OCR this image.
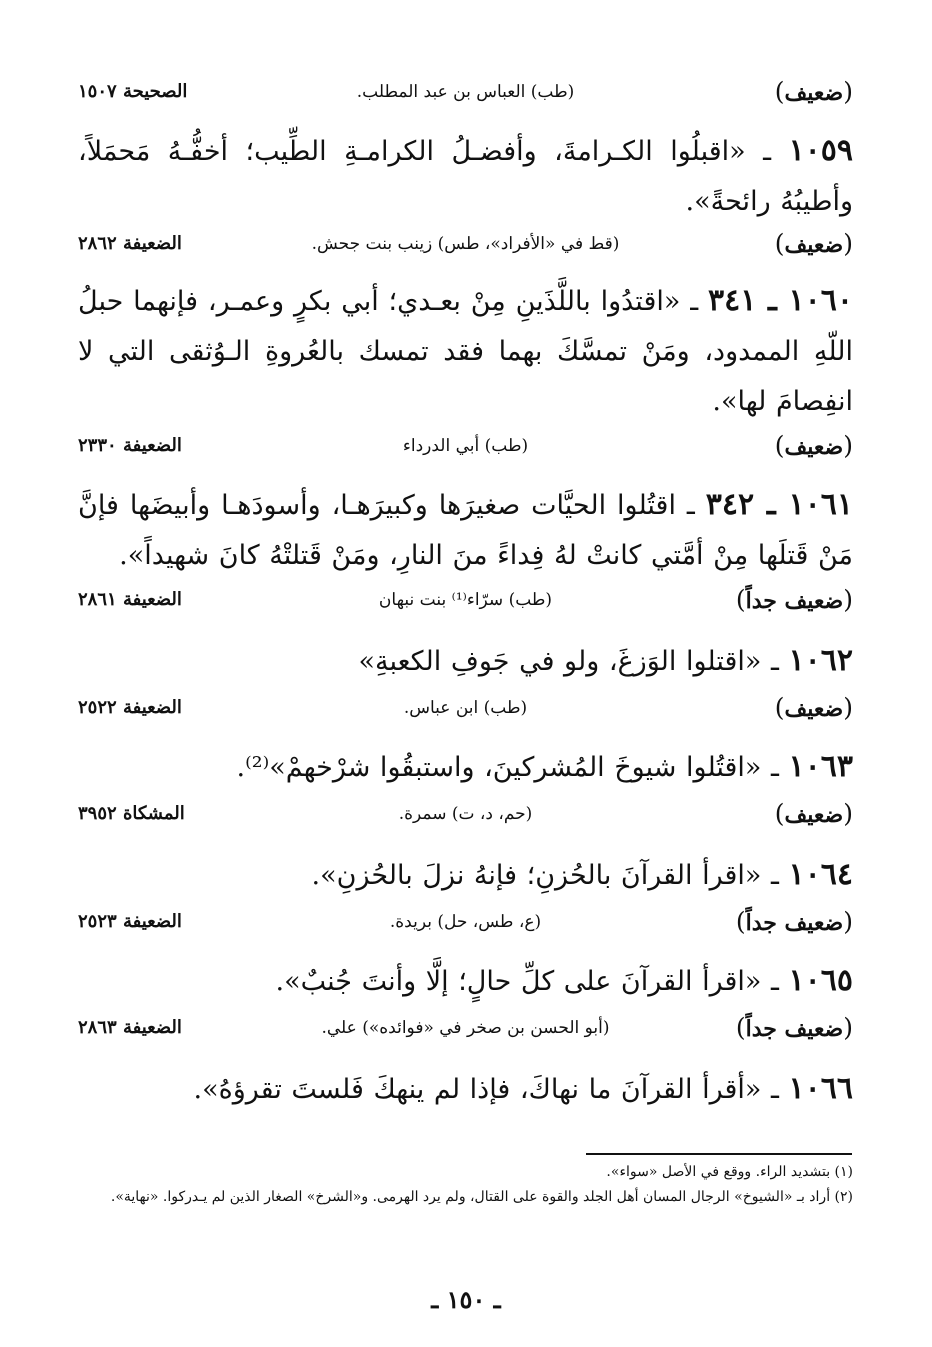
(ضعيف)
(طب) العباس بن عبد المطلب.
الصحيحة ١٥٠٧
١٠٥٩ ـ «اقبلُوا الكـرامةَ، وأفضـلُ الكرامـةِ الطِّيب؛ أخفُّـهُ مَحمَلاً، وأطيبُهُ رائحةً».
(ضعيف)
(قط في «الأفراد»، طس) زينب بنت جحش.
الضعيفة ٢٨٦٢
١٠٦٠ ـ ٣٤١ ـ «اقتدُوا باللَّذَينِ مِنْ بعـدي؛ أبي بكرٍ وعمـر، فإنهما حبلُ اللّهِ الممدود، ومَنْ تمسَّكَ بهما فقد تمسك بالعُروةِ الـوُثقى التي لا انفِصامَ لها».
(ضعيف)
(طب) أبي الدرداء
الضعيفة ٢٣٣٠
١٠٦١ ـ ٣٤٢ ـ اقتُلوا الحيَّات صغيرَها وكبيرَهـا، وأسودَهـا وأبيضَها فإنَّ مَنْ قَتلَها مِنْ أمَّتي كانتْ لهُ فِداءً منَ النارِ، ومَنْ قَتلتْهُ كانَ شهيداً».
(ضعيف جداً)
(طب) سرّاء⁽¹⁾ بنت نبهان
الضعيفة ٢٨٦١
١٠٦٢ ـ «اقتلوا الوَزغَ، ولو في جَوفِ الكعبةِ»
(ضعيف)
(طب) ابن عباس.
الضعيفة ٢٥٢٢
١٠٦٣ ـ «اقتُلوا شيوخَ المُشركينَ، واستبقُوا شرْخهمْ»⁽²⁾.
(ضعيف)
(حم، د، ت) سمرة.
المشكاة ٣٩٥٢
١٠٦٤ ـ «اقرأ القرآنَ بالحُزنِ؛ فإنهُ نزلَ بالحُزنِ».
(ضعيف جداً)
(ع، طس، حل) بريدة.
الضعيفة ٢٥٢٣
١٠٦٥ ـ «اقرأ القرآنَ على كلِّ حالٍ؛ إلَّا وأنتَ جُنبٌ».
(ضعيف جداً)
(أبو الحسن بن صخر في «فوائده») علي.
الضعيفة ٢٨٦٣
١٠٦٦ ـ «أقرأ القرآنَ ما نهاكَ، فإذا لم ينهكَ فَلستَ تقرؤهُ».

(١) بتشديد الراء. ووقع في الأصل «سواء».

(٢) أراد بـ «الشيوخ» الرجال المسان أهل الجلد والقوة على القتال، ولم يرد الهرمى. و«الشرخ» الصغار الذين لم يـدركوا. «نهاية».

ـ ١٥٠ ـ
